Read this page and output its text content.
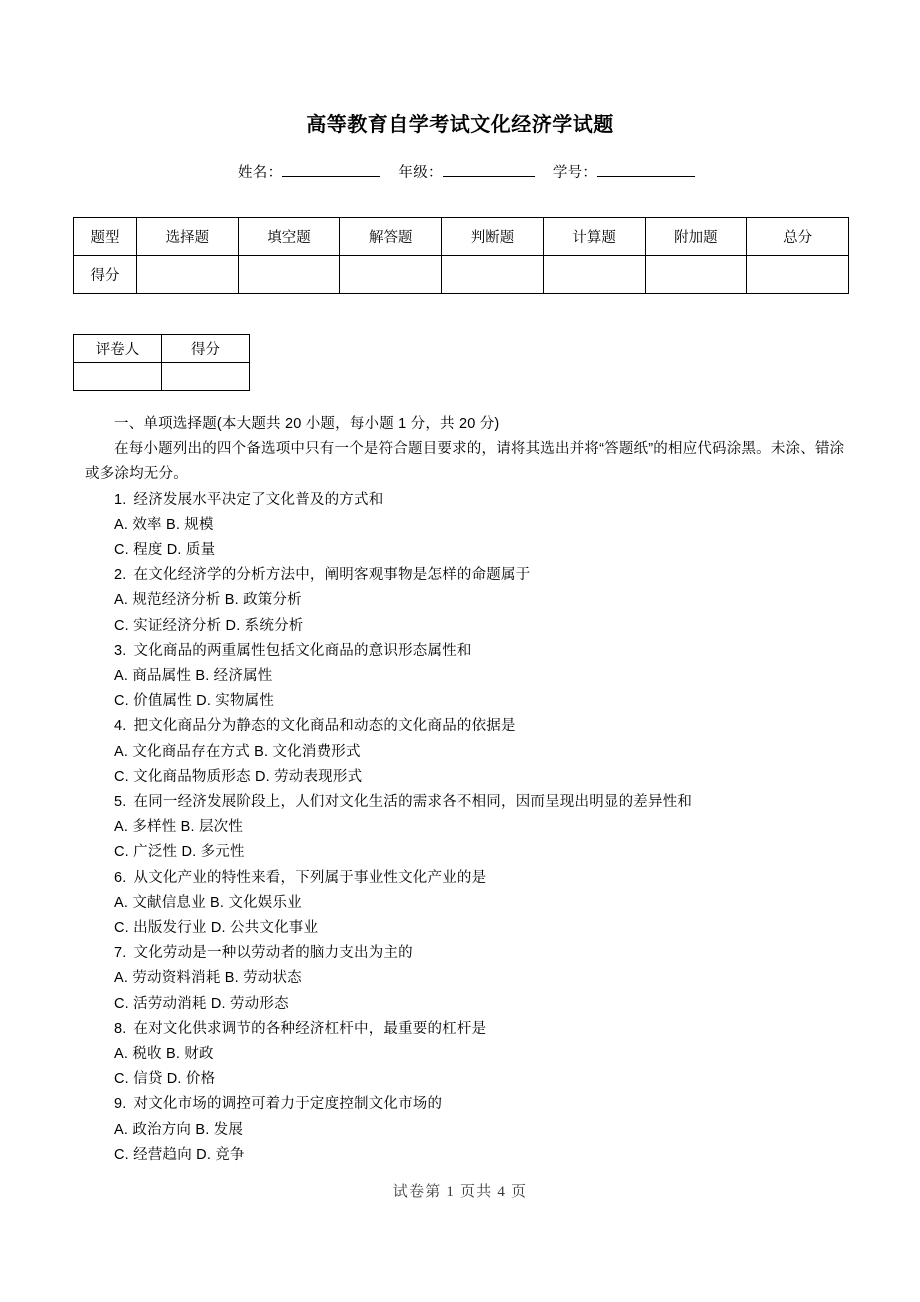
高等教育自学考试文化经济学试题
姓名：	年级：	学号：
题型	选择题	填空题	解答题	判断题	计算题	附加题	总分
得分							
评卷人	得分

一、单项选择题(本大题共 20 小题，每小题 1 分，共 20 分)

在每小题列出的四个备选项中只有一个是符合题目要求的，请将其选出并将“答题纸”的相应代码涂黑。未涂、错涂或多涂均无分。

1. 经济发展水平决定了文化普及的方式和

A. 效率 B. 规模

C. 程度 D. 质量

2. 在文化经济学的分析方法中，阐明客观事物是怎样的命题属于

A. 规范经济分析 B. 政策分析

C. 实证经济分析 D. 系统分析

3. 文化商品的两重属性包括文化商品的意识形态属性和

A. 商品属性 B. 经济属性

C. 价值属性 D. 实物属性

4. 把文化商品分为静态的文化商品和动态的文化商品的依据是

A. 文化商品存在方式 B. 文化消费形式

C. 文化商品物质形态 D. 劳动表现形式

5. 在同一经济发展阶段上，人们对文化生活的需求各不相同，因而呈现出明显的差异性和

A. 多样性 B. 层次性

C. 广泛性 D. 多元性

6. 从文化产业的特性来看，下列属于事业性文化产业的是

A. 文献信息业 B. 文化娱乐业

C. 出版发行业 D. 公共文化事业

7. 文化劳动是一种以劳动者的脑力支出为主的

A. 劳动资料消耗 B. 劳动状态

C. 活劳动消耗 D. 劳动形态

8. 在对文化供求调节的各种经济杠杆中，最重要的杠杆是

A. 税收 B. 财政

C. 信贷 D. 价格

9. 对文化市场的调控可着力于定度控制文化市场的

A. 政治方向 B. 发展

C. 经营趋向 D. 竞争

试卷第 1 页共 4 页
